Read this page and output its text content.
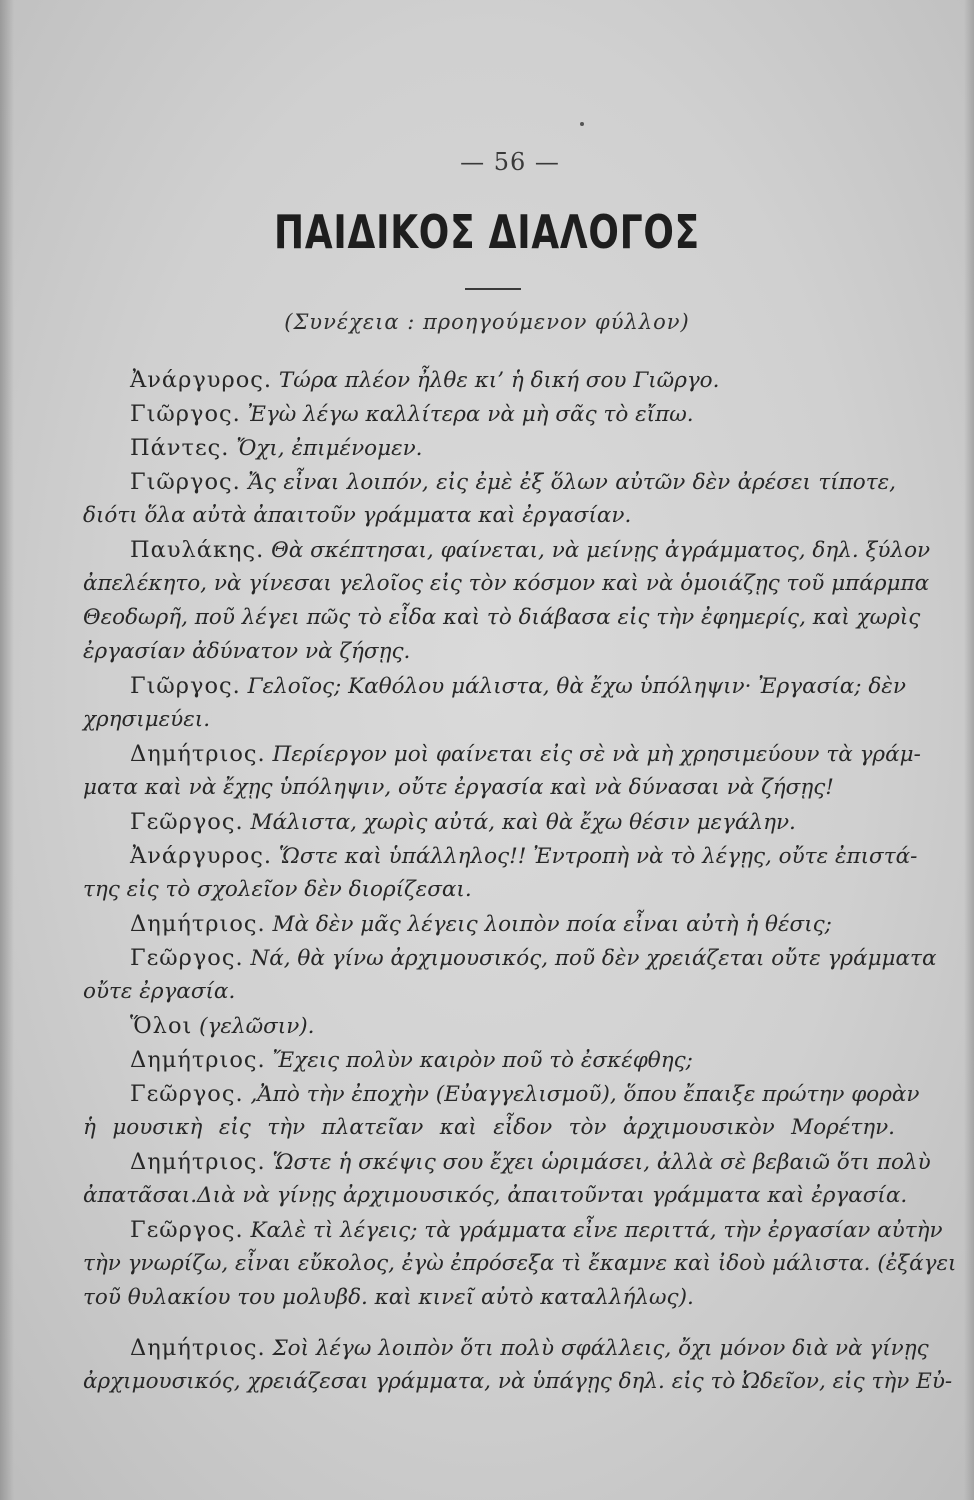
— 56 —
ΠΑΙΔΙΚΟΣ ΔΙΑΛΟΓΟΣ
(Συνέχεια : προηγούμενον φύλλον)
Ἀνάργυρος. Τώρα πλέον ἦλθε κι’ ἡ δική σου Γιῶργο.
Γιῶργος. Ἐγὼ λέγω καλλίτερα νὰ μὴ σᾶς τὸ εἴπω.
Πάντες. Ὄχι, ἐπιμένομεν.
Γιῶργος. Ἄς εἶναι λοιπόν, εἰς ἐμὲ ἐξ ὅλων αὐτῶν δὲν ἀρέσει τίποτε,
διότι ὅλα αὐτὰ ἀπαιτοῦν γράμματα καὶ ἐργασίαν.
Παυλάκης. Θὰ σκέπτησαι, φαίνεται, νὰ μείνῃς ἀγράμματος, δηλ. ξύλον
ἀπελέκητο, νὰ γίνεσαι γελοῖος εἰς τὸν κόσμον καὶ νὰ ὁμοιάζῃς τοῦ μπάρμπα
Θεοδωρῆ, ποῦ λέγει πῶς τὸ εἶδα καὶ τὸ διάβασα εἰς τὴν ἐφημερίς, καὶ χωρὶς
ἐργασίαν ἀδύνατον νὰ ζήσῃς.
Γιῶργος. Γελοῖος; Καθόλου μάλιστα, θὰ ἔχω ὑπόληψιν· Ἐργασία; δὲν
χρησιμεύει.
Δημήτριος. Περίεργον μοὶ φαίνεται εἰς σὲ νὰ μὴ χρησιμεύουν τὰ γράμ-
ματα καὶ νὰ ἔχῃς ὑπόληψιν, οὔτε ἐργασία καὶ νὰ δύνασαι νὰ ζήσῃς!
Γεῶργος. Μάλιστα, χωρὶς αὐτά, καὶ θὰ ἔχω θέσιν μεγάλην.
Ἀνάργυρος. Ὥστε καὶ ὑπάλληλος!! Ἐντροπὴ νὰ τὸ λέγῃς, οὔτε ἐπιστά-
της εἰς τὸ σχολεῖον δὲν διορίζεσαι.
Δημήτριος. Μὰ δὲν μᾶς λέγεις λοιπὸν ποία εἶναι αὐτὴ ἡ θέσις;
Γεῶργος. Νά, θὰ γίνω ἀρχιμουσικός, ποῦ δὲν χρειάζεται οὔτε γράμματα
οὔτε ἐργασία.
Ὅλοι (γελῶσιν).
Δημήτριος. Ἔχεις πολὺν καιρὸν ποῦ τὸ ἐσκέφθης;
Γεῶργος. ,Ἀπὸ τὴν ἐποχὴν (Εὐαγγελισμοῦ), ὅπου ἔπαιξε πρώτην φορὰν
ἡ μουσικὴ εἰς τὴν πλατεῖαν καὶ εἶδον τὸν ἀρχιμουσικὸν Μορέτην.
Δημήτριος. Ὥστε ἡ σκέψις σου ἔχει ὡριμάσει, ἀλλὰ σὲ βεβαιῶ ὅτι πολὺ
ἀπατᾶσαι.Διὰ νὰ γίνῃς ἀρχιμουσικός, ἀπαιτοῦνται γράμματα καὶ ἐργασία.
Γεῶργος. Καλὲ τὶ λέγεις; τὰ γράμματα εἶνε περιττά, τὴν ἐργασίαν αὐτὴν
τὴν γνωρίζω, εἶναι εὔκολος, ἐγὼ ἐπρόσεξα τὶ ἔκαμνε καὶ ἰδοὺ μάλιστα. (ἐξάγει
τοῦ θυλακίου του μολυβδ. καὶ κινεῖ αὐτὸ καταλλήλως).
Δημήτριος. Σοὶ λέγω λοιπὸν ὅτι πολὺ σφάλλεις, ὄχι μόνον διὰ νὰ γίνῃς
ἀρχιμουσικός, χρειάζεσαι γράμματα, νὰ ὑπάγῃς δηλ. εἰς τὸ Ὠδεῖον, εἰς τὴν Εὐ-
